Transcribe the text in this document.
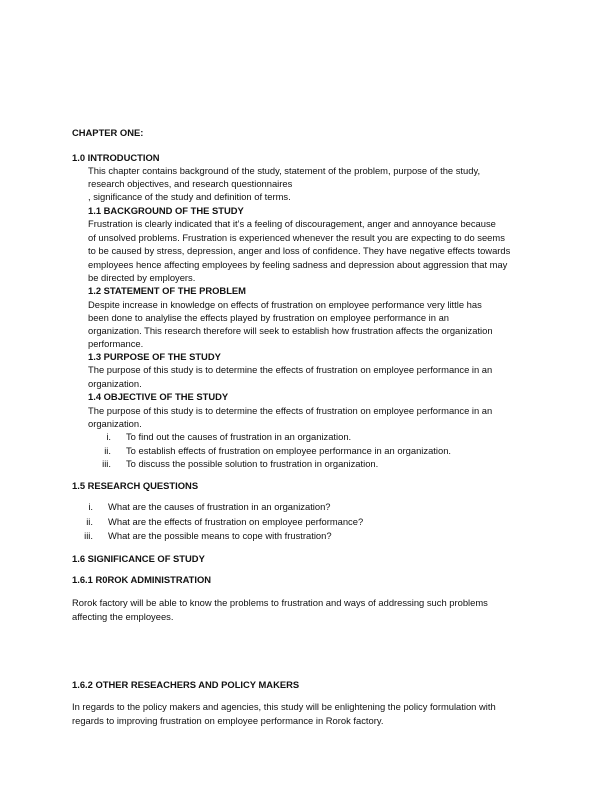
CHAPTER ONE:
1.0 INTRODUCTION
This chapter contains background of the study, statement of the problem, purpose of the study,
research objectives, and research questionnaires
, significance of the study and definition of terms.
1.1 BACKGROUND OF THE STUDY
Frustration is clearly indicated that it’s a feeling of discouragement, anger and annoyance because
of unsolved problems. Frustration is experienced whenever the result you are expecting to do seems
to be caused by stress, depression, anger and loss of confidence. They have negative effects towards
employees hence affecting employees by feeling sadness and depression about aggression that may
be directed by employers.
1.2 STATEMENT OF THE PROBLEM
Despite increase in knowledge on effects of frustration on employee performance very little has
been done to analylise the effects played by frustration on employee performance in an
organization. This research therefore will seek to establish how frustration affects the organization
performance.
1.3 PURPOSE OF THE STUDY
The purpose of this study is to determine the effects of frustration on employee performance in an
organization.
1.4 OBJECTIVE OF THE STUDY
The purpose of this study is to determine the effects of frustration on employee performance in an
organization.
i. To find out the causes of frustration in an organization.
ii. To establish effects of frustration on employee performance in an organization.
iii. To discuss the possible solution to frustration in organization.
1.5 RESEARCH QUESTIONS
i. What are the causes of frustration in an organization?
ii. What are the effects of frustration on employee performance?
iii. What are the possible means to cope with frustration?
1.6 SIGNIFICANCE OF STUDY
1.6.1 R0ROK ADMINISTRATION
Rorok factory will be able to know the problems to frustration and ways of addressing such problems
affecting the employees.
1.6.2 OTHER RESEACHERS AND POLICY MAKERS
In regards to the policy makers and agencies, this study will be enlightening the policy formulation with
regards to improving frustration on employee performance in Rorok factory.
